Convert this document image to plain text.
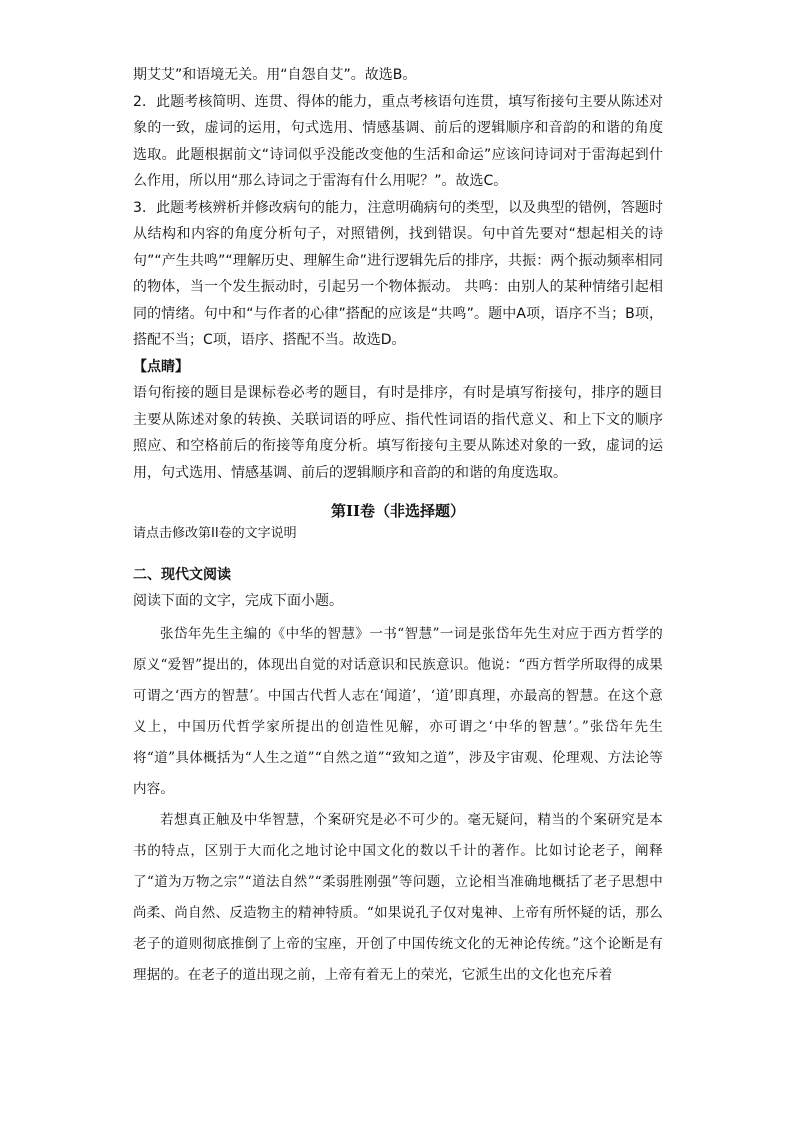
期艾艾”和语境无关。用“自怨自艾”。故选B。

2．此题考核简明、连贯、得体的能力，重点考核语句连贯，填写衔接句主要从陈述对象的一致，虚词的运用，句式选用、情感基调、前后的逻辑顺序和音韵的和谐的角度选取。此题根据前文“诗词似乎没能改变他的生活和命运”应该问诗词对于雷海起到什么作用，所以用“那么诗词之于雷海有什么用呢？”。故选C。

3．此题考核辨析并修改病句的能力，注意明确病句的类型，以及典型的错例，答题时从结构和内容的角度分析句子，对照错例，找到错误。句中首先要对“想起相关的诗句”“产生共鸣”“理解历史、理解生命”进行逻辑先后的排序，共振：两个振动频率相同的物体，当一个发生振动时，引起另一个物体振动。 共鸣：由别人的某种情绪引起相同的情绪。句中和“与作者的心律”搭配的应该是“共鸣”。题中A项，语序不当；B项，搭配不当；C项，语序、搭配不当。故选D。

【点睛】

语句衔接的题目是课标卷必考的题目，有时是排序，有时是填写衔接句，排序的题目主要从陈述对象的转换、关联词语的呼应、指代性词语的指代意义、和上下文的顺序照应、和空格前后的衔接等角度分析。填写衔接句主要从陈述对象的一致，虚词的运用，句式选用、情感基调、前后的逻辑顺序和音韵的和谐的角度选取。

第II卷（非选择题）
请点击修改第II卷的文字说明
二、现代文阅读
阅读下面的文字，完成下面小题。

张岱年先生主编的《中华的智慧》一书“智慧”一词是张岱年先生对应于西方哲学的原义“爱智”提出的，体现出自觉的对话意识和民族意识。他说：“西方哲学所取得的成果可谓之‘西方的智慧’。中国古代哲人志在‘闻道’，‘道’即真理，亦最高的智慧。在这个意义上，中国历代哲学家所提出的创造性见解，亦可谓之‘中华的智慧’。”张岱年先生将“道”具体概括为“人生之道”“自然之道”“致知之道”，涉及宇宙观、伦理观、方法论等内容。

若想真正触及中华智慧，个案研究是必不可少的。毫无疑问，精当的个案研究是本书的特点，区别于大而化之地讨论中国文化的数以千计的著作。比如讨论老子，阐释了“道为万物之宗”“道法自然”“柔弱胜刚强”等问题，立论相当准确地概括了老子思想中尚柔、尚自然、反造物主的精神特质。“如果说孔子仅对鬼神、上帝有所怀疑的话，那么老子的道则彻底推倒了上帝的宝座，开创了中国传统文化的无神论传统。”这个论断是有理据的。在老子的道出现之前，上帝有着无上的荣光，它派生出的文化也充斥着
